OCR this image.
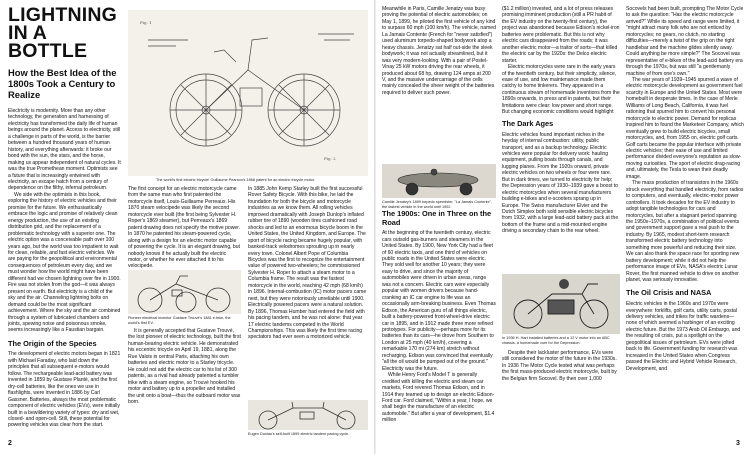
LIGHTNING
IN A BOTTLE
How the Best Idea of the 1800s Took a Century to Realize

Electricity is modernity. More than any other technology, the generation and harnessing of electricity has transformed the daily life of human beings around the planet. Access to electricity, still a challenge in parts of the world, is the barrier between a hundred thousand years of human history, and everything afterwards: it broke our bond with the sun, the stars, and the horse, making us appear independent of natural cycles. It was the true Promethean moment. Optimists see a future that is increasingly entwined with electricity, an escape hatch from a century of dependence on the filthy, infernal petroleum.

We side with the optimists in this book, exploring the history of electric vehicles and their promise for the future. We enthusiastically embrace the logic and promise of relatively clean energy production, the use of an existing distribution grid, and the replacement of a problematic technology with a superior one. The electric option was a conceivable path over 100 years ago, but the world was too impatient to wait for clean, reliable, and fast electric vehicles. We are paying for the geopolitical and environmental consequences of petroleum every day, and we must wonder how the world might have been different had we chosen lightning over fire in 1900. Fire was not stolen from the god—it was always present on earth. But electricity is a child of the sky and the air. Channeling lightning bolts on demand could be the most significant achievement. Where the sky and the air combined through a system of lubricated chambers and joints, spewing noise and poisonous smoke, seems increasingly like a Faustian bargain.

The Origin of the Species

The development of electric motors began in 1821 with Michael Faraday, who laid down the principles that all subsequent e-motors would follow. The rechargeable lead-acid battery was invented in 1859 by Gustave Planté, and the first dry-cell batteries, like the ones we use in flashlights, were invented in 1886 by Carl Gassner. Batteries, always the most problematic component of electric vehicles (EVs), were initially built in a bewildering variety of types: dry and wet, closed- and open-cell. Still, these potential for powering vehicles was clear from the start.

Fig. 1
Fig. 2
The world's first electric tricycle! Guillaume Pearson's 1868 patent for an electric tricycle motor.

The first concept for an electric motorcycle came from the same man who first patented the motorcycle itself, Louis-Guillaume Perreaux. His 1870 steam velocipede was likely the second motorcycle ever built (the first being Sylvester H. Roper's 1869 steamer), but Perreaux's 1869 patent drawing does not specify the motive power. In 1870 he patented his steam-powered cycle, along with a design for an electric motor capable of powering the cycle. It is an elegant drawing, but nobody knows if he actually built the electric motor, or whether he ever attached it to his velocipede.

Pioneer electrical inventor Gustave Trouvé's 1881 e-trike, the world's first EV.

It is generally accepted that Gustave Trouvé, the lost pioneer of electric technology, built the first human-bearing electric vehicle. He demonstrated his eccentric tricycle on April 19, 1881, along the Rue Valois in central Paris, attaching his own batteries and electric motor to a Starley tricycle. He could not add the electric car to his list of 300 patents, as a rival had already patented a tumbler trike with a steam engine, so Trouvé hooked his motor and battery up to a propeller and installed the unit onto a boat—thus the outboard motor was born.

In 1885 John Kemp Starley built the first successful Rover Safety Bicycle. With this bike, he laid the foundation for both the bicycle and motorcycle industries as we know them. All rolling vehicles improved dramatically with Joseph Dunlop's inflated rubber tire of 1890 (wooden tires cushioned road shocks and led to an enormous bicycle boom in the United States, the United Kingdom, and Europe. The sport of bicycle racing became hugely popular, with banked-track velodromes sprouting up in nearly every town. Colonel Albert Pope of Columbia Bicycles was the first to recognize the entertainment value of powered two-wheelers; he commissioned Sylvester H. Roper to attach a steam motor to a Columbia frame. The result was the fastest motorcycle in the world, reaching 42 mph (68 km/h) in 1896. Internal-combustion (IC) motor pacers came next, but they were notoriously unreliable until 1900. Electrically powered pacers were a natural solution. By 1896, Thomas Humber had entered the field with his pacing tandem, and he was not alone: that year 17 electric tandems competed in the World Championships. This was likely the first time racing spectators had ever seen a motorized vehicle.

Eugen Dunlau's self-built 1899 electric tandem pacing cycle.
2

Meanwhile in Paris, Camille Jenatzy was busy proving the potential of electric automobiles; on May 1, 1899, he piloted the first vehicle of any kind to surpass 60 mph (100 km/h). The vehicle, named La Jamais Contente (French for "never satisfied") used aluminum torpedo-shaped bodywork atop a heavy chassis. Jenatzy sat half out-side the sleek bodywork; it was not actually streamlined, but it was very modern-looking. With a pair of Postel-Vinay 25 kW motors driving the rear wheels, it produced about 68 hp, drawing 124 amps at 200 V, and the massive undercarriage of the cells mainly concealed the sheer weight of the batteries required to deliver such power.

Camille Jenatzy's 1899 torpedo speedster, "La Jamais Contente", the fastest vehicle in the world until 1902.
The 1900s: One in Three on the Road

At the beginning of the twentieth century, electric cars outsold gas-burners and steamers in the United States. By 1900, New York City had a fleet of 60 electric taxis, and one third of vehicles on public roads in the United States were electric. They sold well for another 10 years; they were easy to drive, and since the majority of automobiles were driven in urban areas, range was not a concern. Electric cars were especially popular with women drivers because hand-cranking an IC car engine to life was an occasionally arm-breaking business. Even Thomas Edison, the American guru of all things electric, built a battery-powered front-wheel-drive electric car in 1895, and in 1912 made three more refined prototypes. For publicity—perhaps more for its batteries than its cars—he drove from Southern to London at 25 mph (40 km/h), covering a remarkable 170 mi (274 km) stretch without recharging. Edison was convinced that eventually "all the oil would be pumped out of the ground." Electricity was the future.

While Henry Ford's Model T is generally credited with killing the electric and steam car markets, Ford revered Thomas Edison, and in 1914 they teamed up to design an electric Edison-Ford car. Ford claimed, "Within a year, I hope, we shall begin the manufacture of an electric automobile." But after a year of development, $1.4 million

($1.2 million) invested, and a lot of press releases promising imminent production (still a PR habit of the EV industry on the twenty-first century), the project was abandoned because Edison's nickel-iron batteries were problematic. But this is not why electric cars disappeared from the roads; it was another electric motor—a traitor of sorts—that killed the electric car by the 1920s: the Delco electric starter.

Electric motorcycles were rare in the early years of the twentieth century, but their simplicity, silence, ease of use, and low maintenance made them catchy to home tinkerers. They appeared in a continuous stream of homemade inventions from the 1890s onwards, in press and in patents, but their limitations were clear: low power and short range. But changing economic conditions would highlight

The Dark Ages

Electric vehicles found important niches in the heyday of internal combustion: utility, public transport, and as a backup technology. Electric vehicles were popular for delivery work: hauling equipment, pulling boats through canals, and lugging planes. From the 1920s onward, private electric vehicles on two wheels or four were rare. But in dark times, we turned to electricity for help; the Depression years of 1930–1939 gave a boost to electric motorcycles when several manufacturers building e-bikes and e-scooters sprang up in Europe. The Swiss manufacturer Elvier and the Dutch Simplex both sold sensible electric bicycles from 1932, with a large lead-acid battery pack at the bottom of the frame and a mid-mounted engine driving a secondary chain to the rear wheel.

In 1936 H. Hart installed batteries and a 12 V motor into an ABC chassis, a homemade cure for the Depression.

Despite their lackluster performance, EVs were still considered the motor of the future in the 1930s. In 1936 The Motor Cycle tested what was perhaps the first mass-produced electric motorcycle, built by the Belgian firm Socovel. By then over 1,000

Socovels had been built, prompting The Motor Cycle to ask the question: "Has the electric motorcycle arrived?" While its speed and range were limited, it "might attract many folk who are not enticed by motorcycles; no gears, no clutch, no starting difficulties—merely a twist of the grip on the right handlebar and the machine glides silently away. Could anything be more simple?" The Socovel was representative of e-bikes of the lead-acid battery era through the 1970s, but was still "a gentlemanly machine of from one's own."

The war years of 1939–1945 spurred a wave of electric motorcycle development as government fuel scarcity in Europe and the United States. Most were homebuilt in desperate times. In the case of Merle Williams of Long Beach, California, it was fuel rationing that spurred him to convert his personal motorcycle to electric power. Demand for replicas inspired him to found the Marketeer Company, which eventually grew to build electric bicycles, small motorcycles, and, from 1955 on, electric golf carts. Golf carts became the popular interface with private electric vehicles; their ease of use and limited performance divided everyone's reputation as slow-moving curiosities. The sport of electric drag-racing and, ultimately, the Tesla to wean their deadly image.

The mass production of transistors in the 1960s struck everything that handled electricity, from radios to computers, and eventually, electric-motor power controllers. It took decades for the EV industry to adopt tangible technologies for cars and motorcycles, but after a stagnant period spanning the 1950s–1970s, a combination of political events and government support gave a real push to the industry. By 1965, modest short-term research transformed electric battery technology into something more powerful and reducing their size. We can also thank the space race for sporting new battery development; while it did not help the performance image of EVs, NASA's electric Lunar Rover, the first manned vehicle to drive on another planet, was seriously innovative.

The Oil Crisis and NASA

Electric vehicles in the 1960s and 1970s were everywhere: forklifts, golf carts, utility carts, postal delivery vehicles, and trikes for traffic wardens—none of which seemed a harbinger of an exciting electric future. But the 1973 Arab Oil Embargo, and the resulting oil crisis, put a spotlight on the geopolitical issues of petroleum. EVs were jolted back to life. Government funding for research was increased in the United States when Congress passed the Electric and Hybrid Vehicle Research, Development, and

3
